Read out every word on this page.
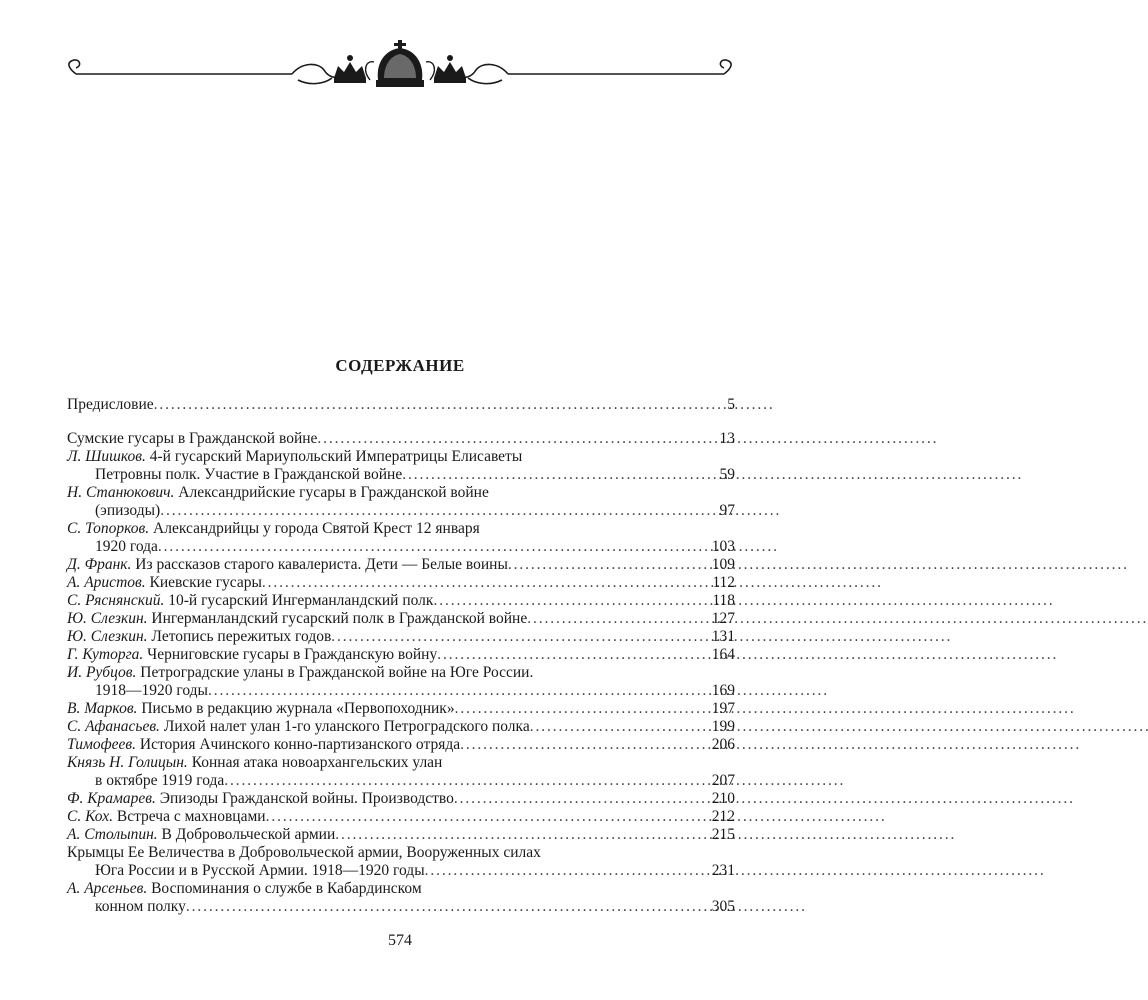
СОДЕРЖАНИЕ
Предисловие . . .	5
Сумские гусары в Гражданской войне . . .	13
Л. Шишков. 4-й гусарский Мариупольский Императрицы Елисаветы
Петровны полк. Участие в Гражданской войне . . .	59
Н. Станюкович. Александрийские гусары в Гражданской войне
(эпизоды) . . .	97
С. Топорков. Александрийцы у города Святой Крест 12 января
1920 года . . .	103
Д. Франк. Из рассказов старого кавалериста. Дети — Белые воины . . .	109
А. Аристов. Киевские гусары . . .	112
С. Ряснянский. 10-й гусарский Ингерманландский полк . . .	118
Ю. Слезкин. Ингерманландский гусарский полк в Гражданской войне . . .	127
Ю. Слезкин. Летопись пережитых годов . . .	131
Г. Куторга. Черниговские гусары в Гражданскую войну . . .	164
И. Рубцов. Петроградские уланы в Гражданской войне на Юге России.
1918—1920 годы . . .	169
В. Марков. Письмо в редакцию журнала «Первопоходник» . . .	197
С. Афанасьев. Лихой налет улан 1-го уланского Петроградского полка . . .	199
Тимофеев. История Ачинского конно-партизанского отряда . . .	206
Князь Н. Голицын. Конная атака новоархангельских улан
в октябре 1919 года . . .	207
Ф. Крамарев. Эпизоды Гражданской войны. Производство . . .	210
С. Кох. Встреча с махновцами . . .	212
А. Столыпин. В Добровольческой армии . . .	215
Крымцы Ее Величества в Добровольческой армии, Вооруженных силах
Юга России и в Русской Армии. 1918—1920 годы . . .	231
А. Арсеньев. Воспоминания о службе в Кабардинском
конном полку . . .	305
574
